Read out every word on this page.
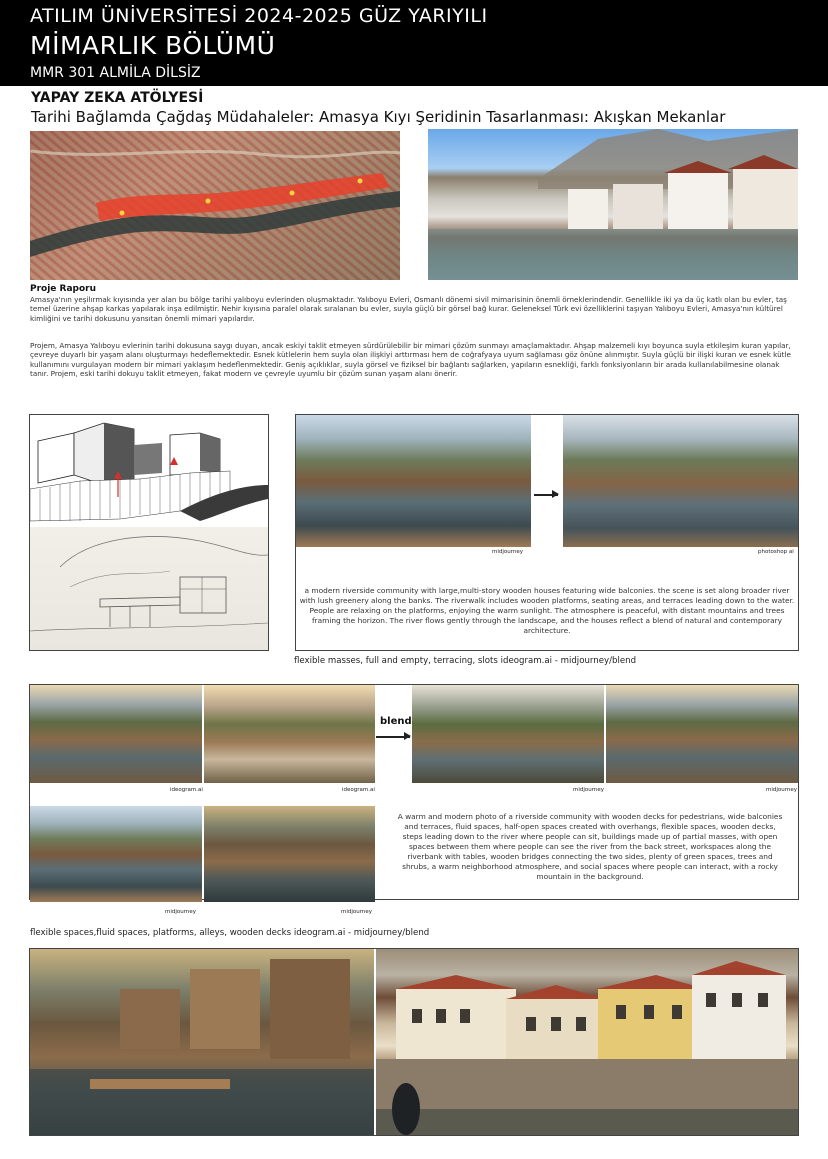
ATILIM ÜNİVERSİTESİ 2024-2025 GÜZ YARIYILI
MİMARLIK BÖLÜMÜ
MMR 301 ALMİLA DİLSİZ
YAPAY ZEKA ATÖLYESİ
Tarihi Bağlamda Çağdaş Müdahaleler: Amasya Kıyı Şeridinin Tasarlanması: Akışkan Mekanlar
Proje Raporu
Amasya'nın yeşilırmak kıyısında yer alan bu bölge tarihi yalıboyu evlerinden oluşmaktadır. Yalıboyu Evleri, Osmanlı dönemi sivil mimarisinin önemli örneklerindendir. Genellikle iki ya da üç katlı olan bu evler, taş temel üzerine ahşap karkas yapılarak inşa edilmiştir. Nehir kıyısına paralel olarak sıralanan bu evler, suyla güçlü bir görsel bağ kurar. Geleneksel Türk evi özelliklerini taşıyan Yalıboyu Evleri, Amasya'nın kültürel kimliğini ve tarihi dokusunu yansıtan önemli mimari yapılardır.
Projem, Amasya Yalıboyu evlerinin tarihi dokusuna saygı duyan, ancak eskiyi taklit etmeyen sürdürülebilir bir mimari çözüm sunmayı amaçlamaktadır. Ahşap malzemeli kıyı boyunca suyla etkileşim kuran yapılar, çevreye duyarlı bir yaşam alanı oluşturmayı hedeflemektedir. Esnek kütlelerin hem suyla olan ilişkiyi arttırması hem de coğrafyaya uyum sağlaması göz önüne alınmıştır. Suyla güçlü bir ilişki kuran ve esnek kütle kullanımını vurgulayan modern bir mimari yaklaşım hedeflenmektedir. Geniş açıklıklar, suyla görsel ve fiziksel bir bağlantı sağlarken, yapıların esnekliği, farklı fonksiyonların bir arada kullanılabilmesine olanak tanır. Projem, eski tarihi dokuyu taklit etmeyen, fakat modern ve çevreyle uyumlu bir çözüm sunan yaşam alanı önerir.
midjourney	photoshop ai
a modern riverside community with large,multi-story wooden houses featuring wide balconies. the scene is set along broader river with lush greenery along the banks. The riverwalk includes wooden platforms, seating areas, and terraces leading down to the water. People are relaxing on the platforms, enjoying the warm sunlight. The atmosphere is peaceful, with distant mountains and trees framing the horizon. The river flows gently through the landscape, and the houses reflect a blend of natural and contemporary architecture.
flexible masses, full and empty, terracing, slots ideogram.ai - midjourney/blend
blend
ideogram.ai	ideogram.ai	midjourney	midjourney
midjourney	midjourney
A warm and modern photo of a riverside community with wooden decks for pedestrians, wide balconies and terraces, fluid spaces, half-open spaces created with overhangs, flexible spaces, wooden decks, steps leading down to the river where people can sit, buildings made up of partial masses, with open spaces between them where people can see the river from the back street, workspaces along the riverbank with tables, wooden bridges connecting the two sides, plenty of green spaces, trees and shrubs, a warm neighborhood atmosphere, and social spaces where people can interact, with a rocky mountain in the background.
flexible spaces,fluid spaces, platforms, alleys, wooden decks ideogram.ai - midjourney/blend
